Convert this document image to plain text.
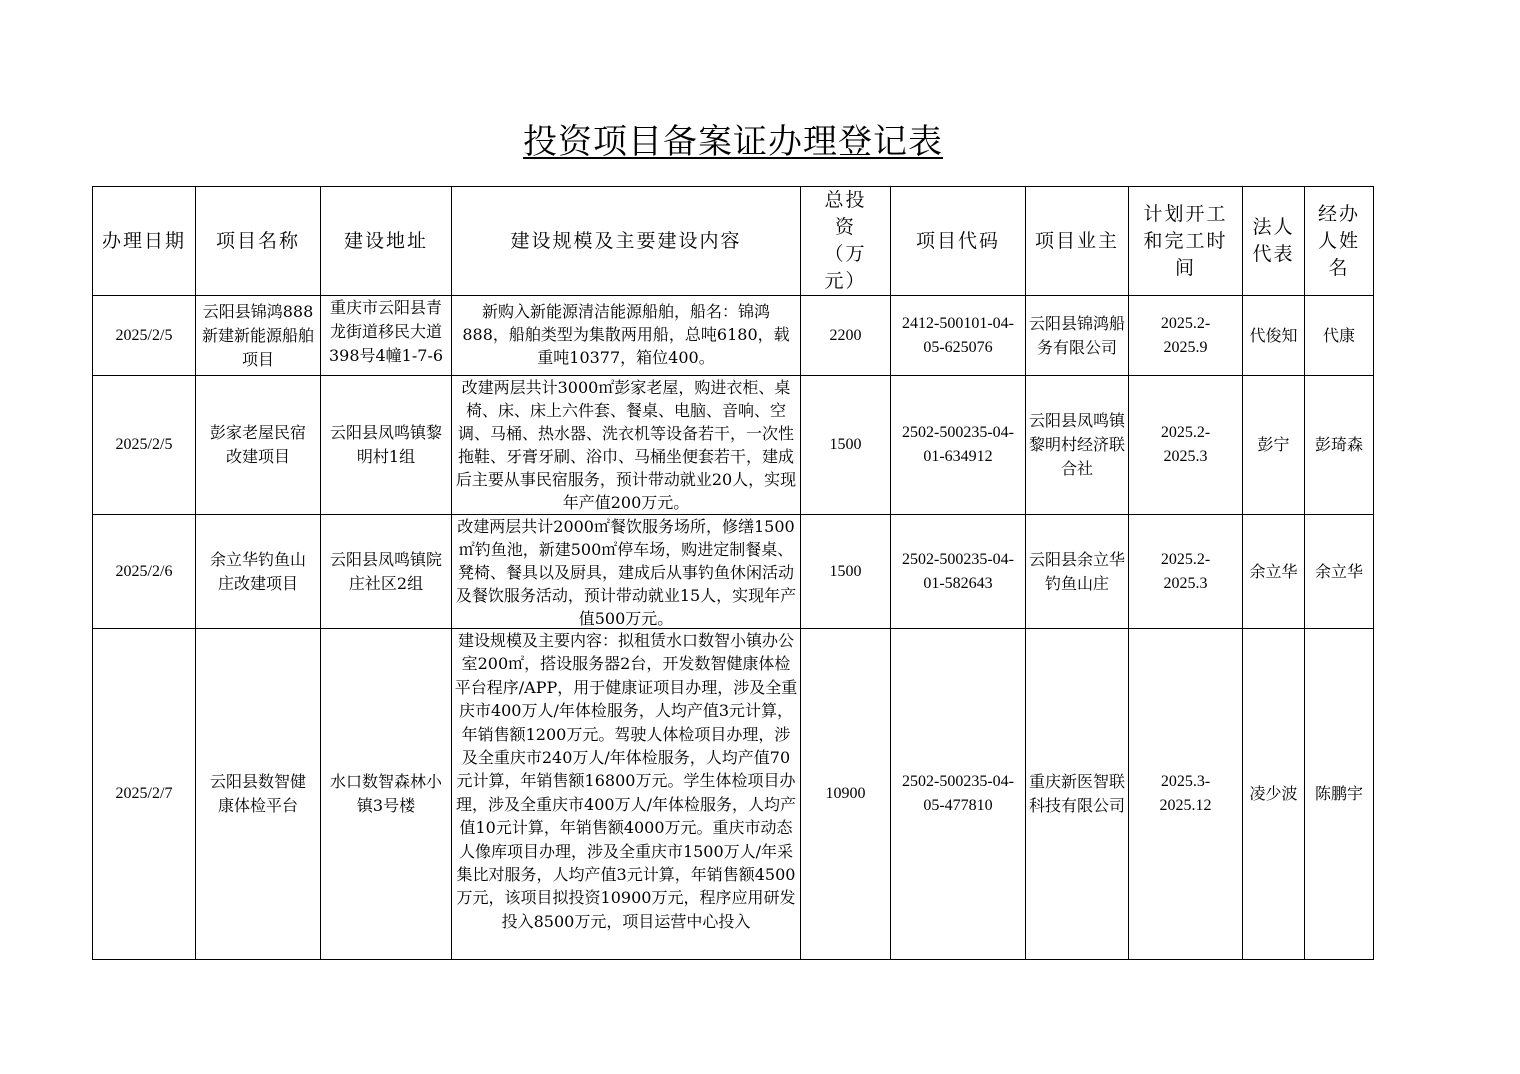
投资项目备案证办理登记表
办理日期	项目名称	建设地址	建设规模及主要建设内容	总投资（万元）	项目代码	项目业主	计划开工和完工时间	法人代表	经办人姓名
2025/2/5	云阳县锦鸿888新建新能源船舶项目	重庆市云阳县青龙街道移民大道398号4幢1-7-6	新购入新能源清洁能源船舶，船名：锦鸿888，船舶类型为集散两用船，总吨6180，载重吨10377，箱位400。	2200	2412-500101-04-05-625076	云阳县锦鸿船务有限公司	2025.2-2025.9	代俊知	代康
2025/2/5	彭家老屋民宿改建项目	云阳县凤鸣镇黎明村1组	改建两层共计3000㎡彭家老屋，购进衣柜、桌椅、床、床上六件套、餐桌、电脑、音响、空调、马桶、热水器、洗衣机等设备若干，一次性拖鞋、牙膏牙刷、浴巾、马桶坐便套若干，建成后主要从事民宿服务，预计带动就业20人，实现年产值200万元。	1500	2502-500235-04-01-634912	云阳县凤鸣镇黎明村经济联合社	2025.2-2025.3	彭宁	彭琦森
2025/2/6	余立华钓鱼山庄改建项目	云阳县凤鸣镇院庄社区2组	改建两层共计2000㎡餐饮服务场所，修缮1500㎡钓鱼池，新建500㎡停车场，购进定制餐桌、凳椅、餐具以及厨具，建成后从事钓鱼休闲活动及餐饮服务活动，预计带动就业15人，实现年产值500万元。	1500	2502-500235-04-01-582643	云阳县余立华钓鱼山庄	2025.2-2025.3	余立华	余立华
2025/2/7	云阳县数智健康体检平台	水口数智森林小镇3号楼	建设规模及主要内容：拟租赁水口数智小镇办公室200㎡，搭设服务器2台，开发数智健康体检平台程序/APP，用于健康证项目办理，涉及全重庆市400万人/年体检服务，人均产值3元计算，年销售额1200万元。驾驶人体检项目办理，涉及全重庆市240万人/年体检服务，人均产值70元计算，年销售额16800万元。学生体检项目办理，涉及全重庆市400万人/年体检服务，人均产值10元计算，年销售额4000万元。重庆市动态人像库项目办理，涉及全重庆市1500万人/年采集比对服务，人均产值3元计算，年销售额4500万元，该项目拟投资10900万元，程序应用研发投入8500万元，项目运营中心投入	10900	2502-500235-04-05-477810	重庆新医智联科技有限公司	2025.3-2025.12	凌少波	陈鹏宇
